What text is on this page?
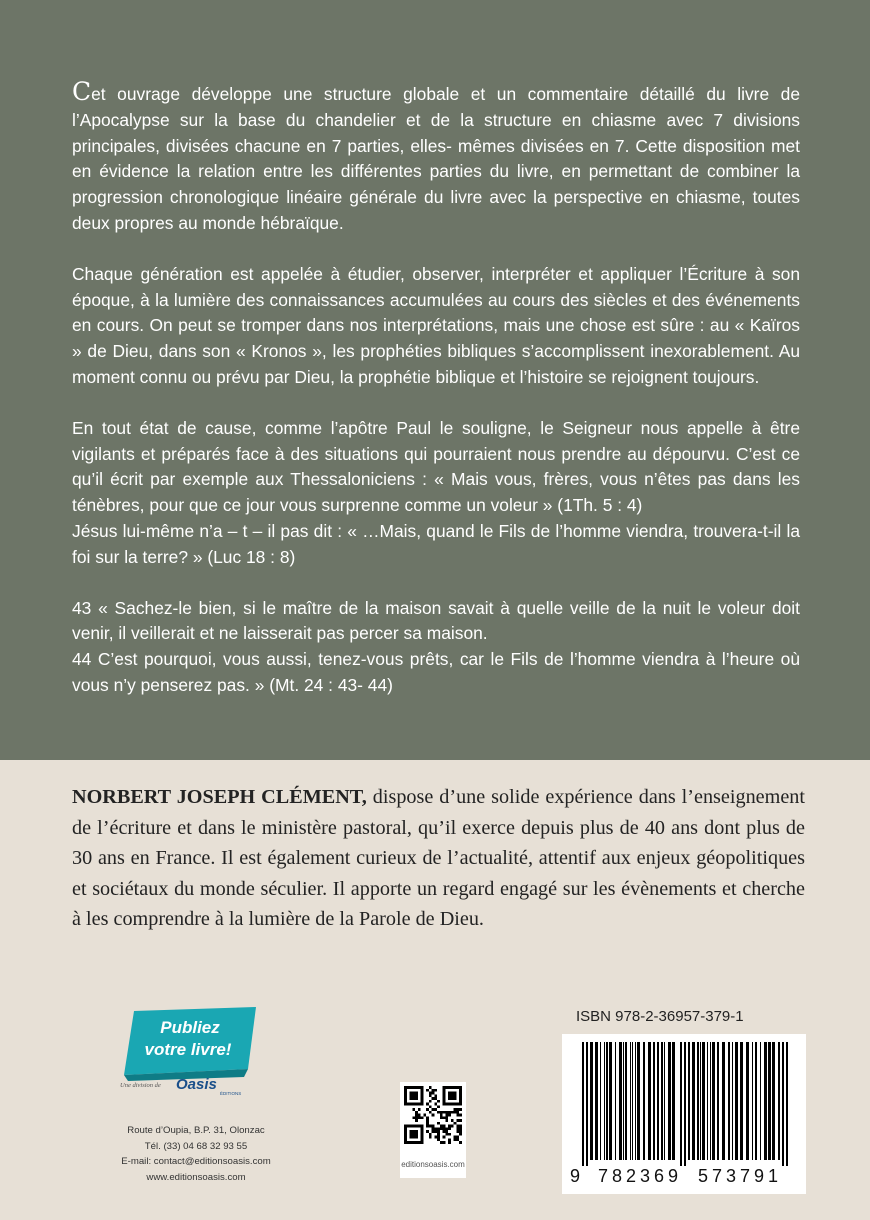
Cet ouvrage développe une structure globale et un commentaire détaillé du livre de l’Apocalypse sur la base du chandelier et de la structure en chiasme avec 7 divisions principales, divisées chacune en 7 parties, elles- mêmes divisées en 7. Cette disposition met en évidence la relation entre les différentes parties du livre, en permettant de combiner la progression chronologique linéaire générale du livre avec la perspective en chiasme, toutes deux propres au monde hébraïque.

Chaque génération est appelée à étudier, observer, interpréter et appliquer l’Écriture à son époque, à la lumière des connaissances accumulées au cours des siècles et des événements en cours. On peut se tromper dans nos interprétations, mais une chose est sûre : au « Kaïros » de Dieu, dans son « Kronos », les prophéties bibliques s’accomplissent inexorablement. Au moment connu ou prévu par Dieu, la prophétie biblique et l’histoire se rejoignent toujours.

En tout état de cause, comme l’apôtre Paul le souligne, le Seigneur nous appelle à être vigilants et préparés face à des situations qui pourraient nous prendre au dépourvu. C’est ce qu’il écrit par exemple aux Thessaloniciens : « Mais vous, frères, vous n’êtes pas dans les ténèbres, pour que ce jour vous surprenne comme un voleur » (1Th. 5 : 4)

Jésus lui-même n’a – t – il pas dit : « …Mais, quand le Fils de l’homme viendra, trouvera-t-il la foi sur la terre? » (Luc 18 : 8)

43 « Sachez-le bien, si le maître de la maison savait à quelle veille de la nuit le voleur doit venir, il veillerait et ne laisserait pas percer sa maison.

44 C’est pourquoi, vous aussi, tenez-vous prêts, car le Fils de l’homme viendra à l’heure où vous n’y penserez pas. » (Mt. 24 : 43- 44)

NORBERT JOSEPH CLÉMENT, dispose d’une solide expérience dans l’enseignement de l’écriture et dans le ministère pastoral, qu’il exerce depuis plus de 40 ans dont plus de 30 ans en France. Il est également curieux de l’actualité, attentif aux enjeux géopolitiques et sociétaux du monde séculier. Il apporte un regard engagé sur les évènements et cherche à les comprendre à la lumière de la Parole de Dieu.

Publiez
votre livre!
Une division de Oasis
ÉDITIONS
Route d’Oupia, B.P. 31, Olonzac
Tél. (33) 04 68 32 93 55
E-mail: contact@editionsoasis.com
www.editionsoasis.com
editionsoasis.com
ISBN 978-2-36957-379-1
9 782369 573791
